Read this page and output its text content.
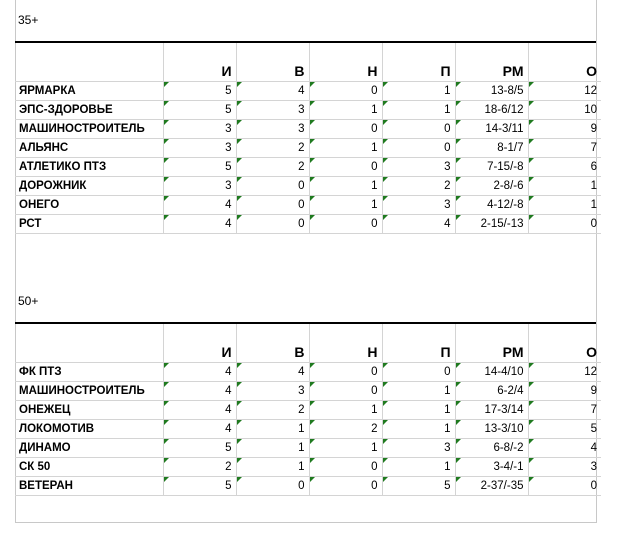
35+
	И	В	Н	П	РМ	О
ЯРМАРКА	5	4	0	1	13-8/5	12
ЭПС-ЗДОРОВЬЕ	5	3	1	1	18-6/12	10
МАШИНОСТРОИТЕЛЬ	3	3	0	0	14-3/11	9
АЛЬЯНС	3	2	1	0	8-1/7	7
АТЛЕТИКО ПТЗ	5	2	0	3	7-15/-8	6
ДОРОЖНИК	3	0	1	2	2-8/-6	1
ОНЕГО	4	0	1	3	4-12/-8	1
РСТ	4	0	0	4	2-15/-13	0
50+
	И	В	Н	П	РМ	О
ФК ПТЗ	4	4	0	0	14-4/10	12
МАШИНОСТРОИТЕЛЬ	4	3	0	1	6-2/4	9
ОНЕЖЕЦ	4	2	1	1	17-3/14	7
ЛОКОМОТИВ	4	1	2	1	13-3/10	5
ДИНАМО	5	1	1	3	6-8/-2	4
СК 50	2	1	0	1	3-4/-1	3
ВЕТЕРАН	5	0	0	5	2-37/-35	0
